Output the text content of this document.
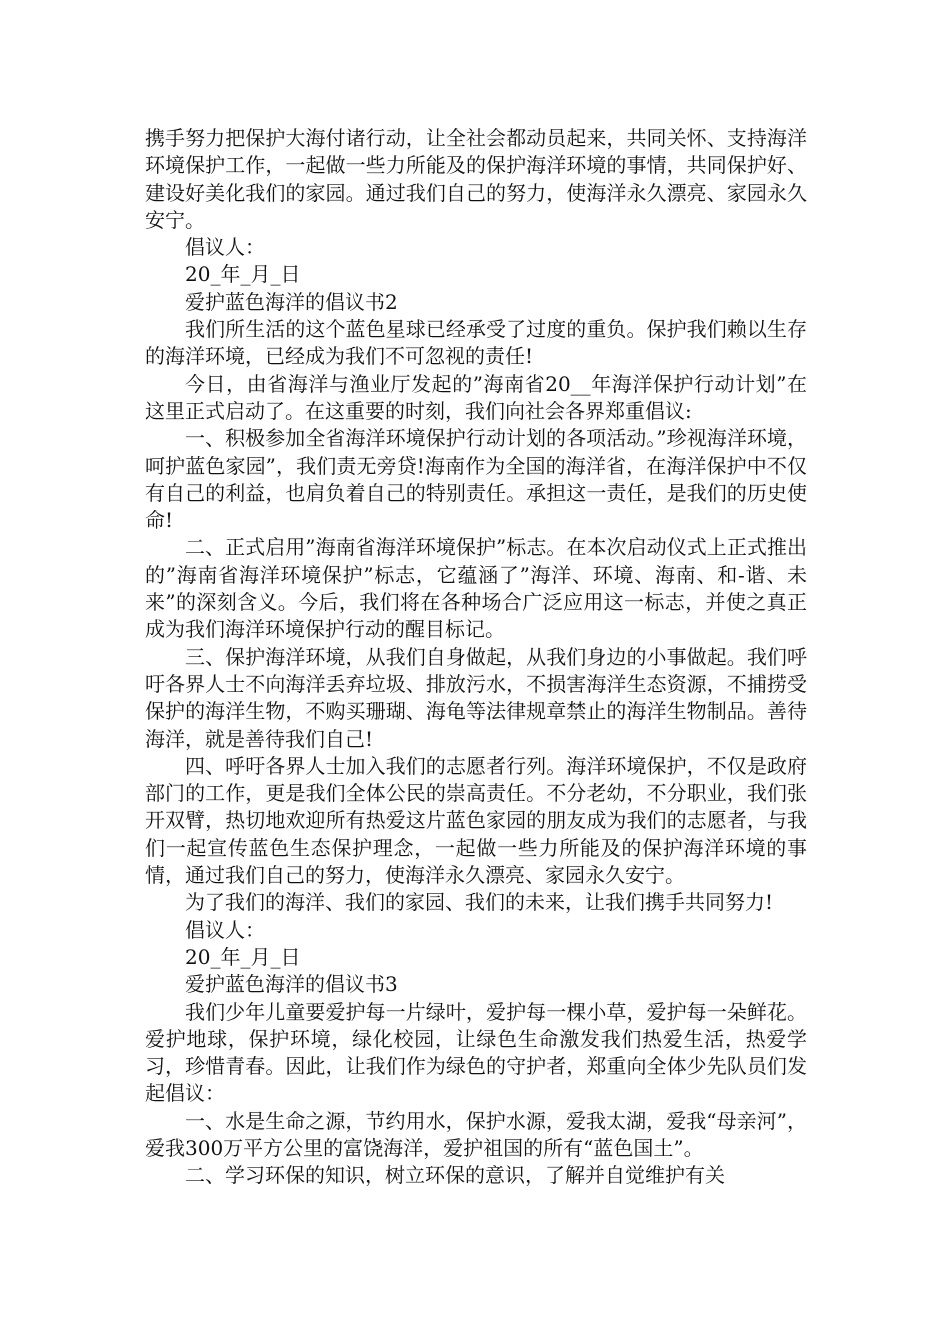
携手努力把保护大海付诸行动，让全社会都动员起来，共同关怀、支持海洋环境保护工作，一起做一些力所能及的保护海洋环境的事情，共同保护好、建设好美化我们的家园。通过我们自己的努力，使海洋永久漂亮、家园永久安宁。

倡议人：

20_年_月_日

爱护蓝色海洋的倡议书2

我们所生活的这个蓝色星球已经承受了过度的重负。保护我们赖以生存的海洋环境，已经成为我们不可忽视的责任!

今日，由省海洋与渔业厅发起的”海南省20__年海洋保护行动计划”在这里正式启动了。在这重要的时刻，我们向社会各界郑重倡议:

一、积极参加全省海洋环境保护行动计划的各项活动。”珍视海洋环境，呵护蓝色家园”，我们责无旁贷!海南作为全国的海洋省，在海洋保护中不仅有自己的利益，也肩负着自己的特别责任。承担这一责任，是我们的历史使命!

二、正式启用”海南省海洋环境保护”标志。在本次启动仪式上正式推出的”海南省海洋环境保护”标志，它蕴涵了”海洋、环境、海南、和-谐、未来”的深刻含义。今后，我们将在各种场合广泛应用这一标志，并使之真正成为我们海洋环境保护行动的醒目标记。

三、保护海洋环境，从我们自身做起，从我们身边的小事做起。我们呼吁各界人士不向海洋丢弃垃圾、排放污水，不损害海洋生态资源，不捕捞受保护的海洋生物，不购买珊瑚、海龟等法律规章禁止的海洋生物制品。善待海洋，就是善待我们自己!

四、呼吁各界人士加入我们的志愿者行列。海洋环境保护，不仅是政府部门的工作，更是我们全体公民的崇高责任。不分老幼，不分职业，我们张开双臂，热切地欢迎所有热爱这片蓝色家园的朋友成为我们的志愿者，与我们一起宣传蓝色生态保护理念，一起做一些力所能及的保护海洋环境的事情，通过我们自己的努力，使海洋永久漂亮、家园永久安宁。

为了我们的海洋、我们的家园、我们的未来，让我们携手共同努力!

倡议人：

20_年_月_日

爱护蓝色海洋的倡议书3

我们少年儿童要爱护每一片绿叶，爱护每一棵小草，爱护每一朵鲜花。爱护地球，保护环境，绿化校园，让绿色生命激发我们热爱生活，热爱学习，珍惜青春。因此，让我们作为绿色的守护者，郑重向全体少先队员们发起倡议：

一、水是生命之源，节约用水，保护水源，爱我太湖，爱我“母亲河”，爱我300万平方公里的富饶海洋，爱护祖国的所有“蓝色国土”。

二、学习环保的知识，树立环保的意识，了解并自觉维护有关
